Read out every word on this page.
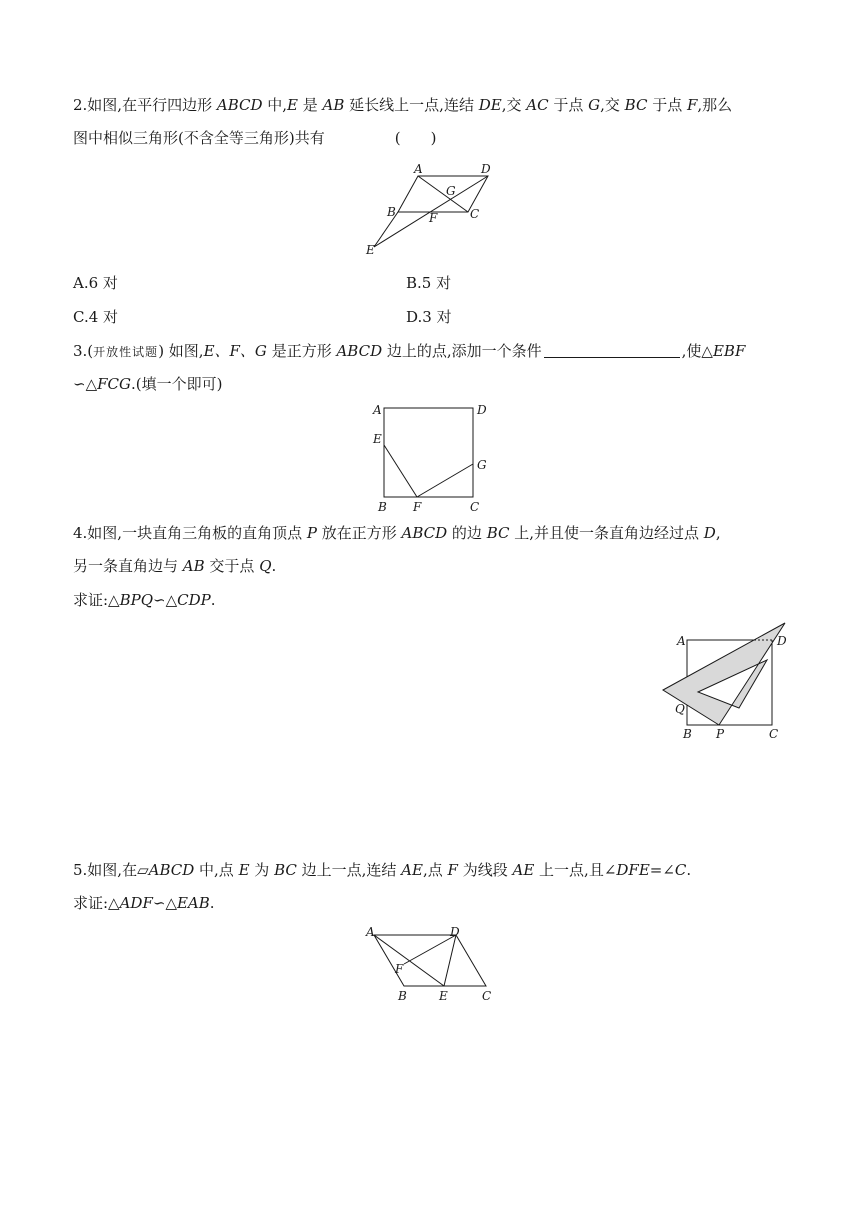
2.如图,在平行四边形 ABCD 中,E 是 AB 延长线上一点,连结 DE,交 AC 于点 G,交 BC 于点 F,那么
图中相似三角形(不含全等三角形)共有	(　　)
A	D
G
B	F	C
E
A.6 对	B.5 对
C.4 对	D.3 对
3.(开放性试题) 如图,E、F、G 是正方形 ABCD 边上的点,添加一个条件	,使△EBF
∽△FCG.(填一个即可)
A	D
E
G
B F	C
4.如图,一块直角三角板的直角顶点 P 放在正方形 ABCD 的边 BC 上,并且使一条直角边经过点 D,
另一条直角边与 AB 交于点 Q.
求证:△BPQ∽△CDP.
A	D
Q
B P	C
5.如图,在▱ABCD 中,点 E 为 BC 边上一点,连结 AE,点 F 为线段 AE 上一点,且∠DFE=∠C.
求证:△ADF∽△EAB.
A	D
F
B	E	C
